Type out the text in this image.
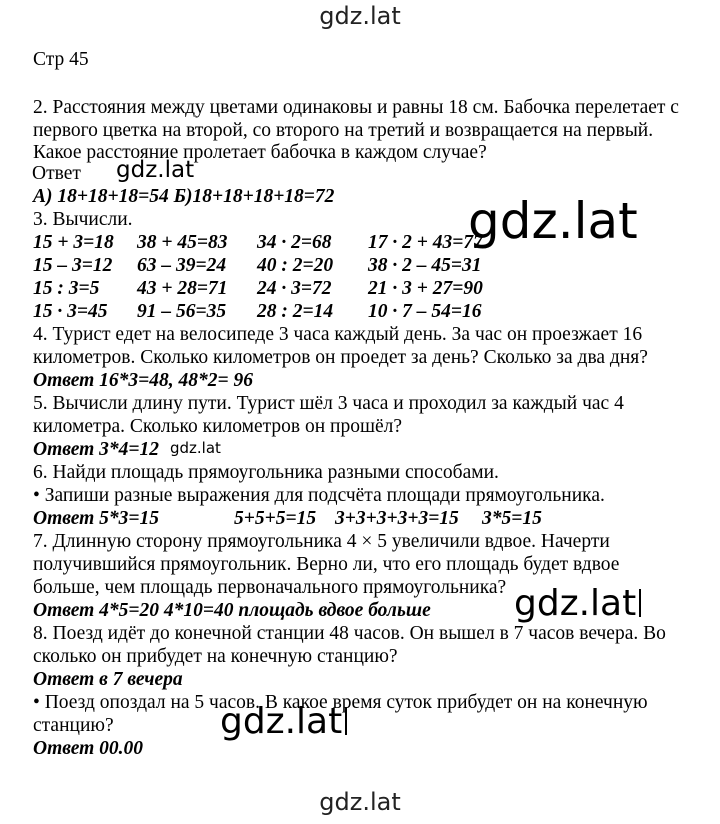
Стр 45
2. Расстояния между цветами одинаковы и равны 18 см. Бабочка перелетает с
первого цветка на второй, со второго на третий и возвращается на первый.
Какое расстояние пролетает бабочка в каждом случае?
Ответ
А) 18+18+18=54 Б)18+18+18+18=72
3. Вычисли.
15 + 3=18 38 + 45=83 34 · 2=68 17 · 2 + 43=77
15 – 3=12 63 – 39=24 40 : 2=20 38 · 2 – 45=31
15 : 3=5 43 + 28=71 24 · 3=72 21 · 3 + 27=90
15 · 3=45 91 – 56=35 28 : 2=14 10 · 7 – 54=16
4. Турист едет на велосипеде 3 часа каждый день. За час он проезжает 16
километров. Сколько километров он проедет за день? Сколько за два дня?
Ответ 16*3=48, 48*2= 96
5. Вычисли длину пути. Турист шёл 3 часа и проходил за каждый час 4
километра. Сколько километров он прошёл?
Ответ 3*4=12
6. Найди площадь прямоугольника разными способами.
• Запиши разные выражения для подсчёта площади прямоугольника.
Ответ 5*3=15	5+5+5=15 3+3+3+3+3=15 3*5=15
7. Длинную сторону прямоугольника 4 × 5 увеличили вдвое. Начерти
получившийся прямоугольник. Верно ли, что его площадь будет вдвое
больше, чем площадь первоначального прямоугольника?
Ответ 4*5=20 4*10=40 площадь вдвое больше
8. Поезд идёт до конечной станции 48 часов. Он вышел в 7 часов вечера. Во
сколько он прибудет на конечную станцию?
Ответ в 7 вечера
• Поезд опоздал на 5 часов. В какое время суток прибудет он на конечную
станцию?
Ответ 00.00
gdz.lat
gdz.lat
gdz.lat
gdz.lat
gdz.lat
gdz.lat
gdz.lat
